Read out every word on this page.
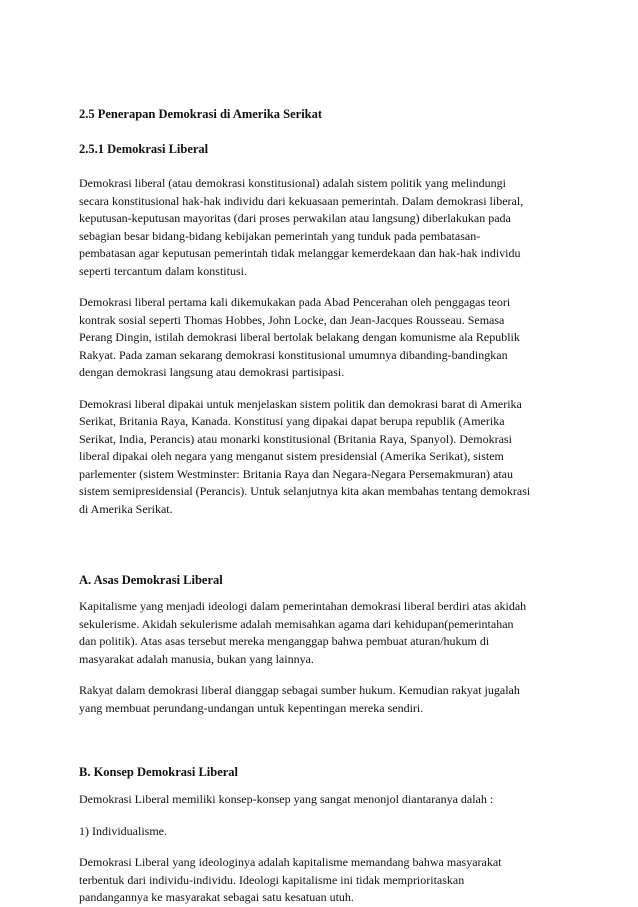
2.5 Penerapan Demokrasi di Amerika Serikat

2.5.1 Demokrasi Liberal

Demokrasi liberal (atau demokrasi konstitusional) adalah sistem politik yang melindungi
secara konstitusional hak-hak individu dari kekuasaan pemerintah. Dalam demokrasi liberal,
keputusan-keputusan mayoritas (dari proses perwakilan atau langsung) diberlakukan pada
sebagian besar bidang-bidang kebijakan pemerintah yang tunduk pada pembatasan-
pembatasan agar keputusan pemerintah tidak melanggar kemerdekaan dan hak-hak individu
seperti tercantum dalam konstitusi.

Demokrasi liberal pertama kali dikemukakan pada Abad Pencerahan oleh penggagas teori
kontrak sosial seperti Thomas Hobbes, John Locke, dan Jean-Jacques Rousseau. Semasa
Perang Dingin, istilah demokrasi liberal bertolak belakang dengan komunisme ala Republik
Rakyat. Pada zaman sekarang demokrasi konstitusional umumnya dibanding-bandingkan
dengan demokrasi langsung atau demokrasi partisipasi.

Demokrasi liberal dipakai untuk menjelaskan sistem politik dan demokrasi barat di Amerika
Serikat, Britania Raya, Kanada. Konstitusi yang dipakai dapat berupa republik (Amerika
Serikat, India, Perancis) atau monarki konstitusional (Britania Raya, Spanyol). Demokrasi
liberal dipakai oleh negara yang menganut sistem presidensial (Amerika Serikat), sistem
parlementer (sistem Westminster: Britania Raya dan Negara-Negara Persemakmuran) atau
sistem semipresidensial (Perancis). Untuk selanjutnya kita akan membahas tentang demokrasi
di Amerika Serikat.

A. Asas Demokrasi Liberal

Kapitalisme yang menjadi ideologi dalam pemerintahan demokrasi liberal berdiri atas akidah
sekulerisme. Akidah sekulerisme adalah memisahkan agama dari kehidupan(pemerintahan
dan politik). Atas asas tersebut mereka menganggap bahwa pembuat aturan/hukum di
masyarakat adalah manusia, bukan yang lainnya.

Rakyat dalam demokrasi liberal dianggap sebagai sumber hukum. Kemudian rakyat jugalah
yang membuat perundang-undangan untuk kepentingan mereka sendiri.

B. Konsep Demokrasi Liberal

Demokrasi Liberal memiliki konsep-konsep yang sangat menonjol diantaranya dalah :

1) Individualisme.

Demokrasi Liberal yang ideologinya adalah kapitalisme memandang bahwa masyarakat
terbentuk dari individu-individu. Ideologi kapitalisme ini tidak memprioritaskan
pandangannya ke masyarakat sebagai satu kesatuan utuh.
